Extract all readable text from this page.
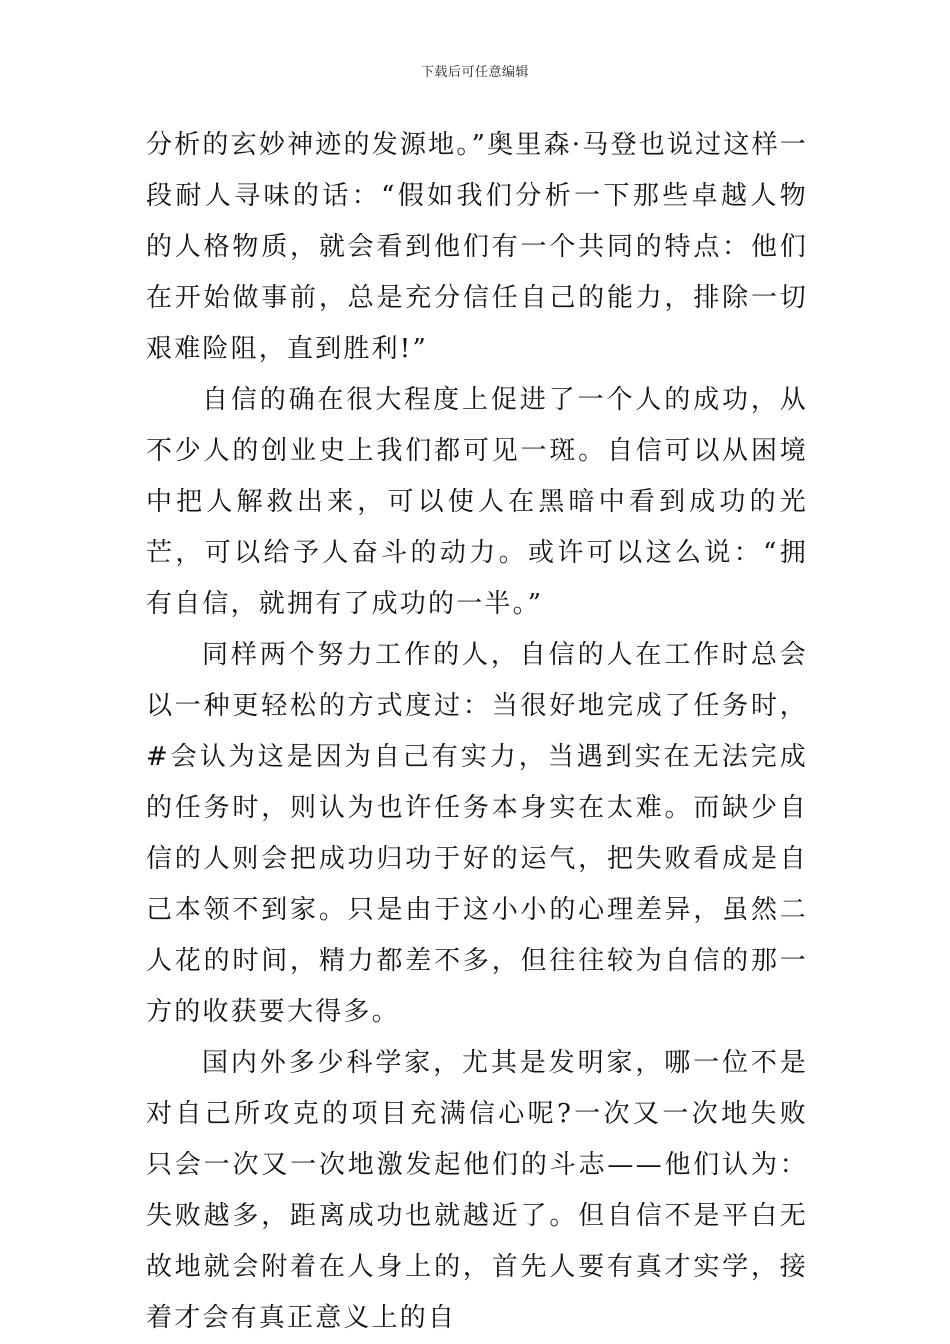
下载后可任意编辑

分析的玄妙神迹的发源地。”奥里森·马登也说过这样一段耐人寻味的话：“假如我们分析一下那些卓越人物的人格物质，就会看到他们有一个共同的特点：他们在开始做事前，总是充分信任自己的能力，排除一切艰难险阻，直到胜利!”

自信的确在很大程度上促进了一个人的成功，从不少人的创业史上我们都可见一斑。自信可以从困境中把人解救出来，可以使人在黑暗中看到成功的光芒，可以给予人奋斗的动力。或许可以这么说：“拥有自信，就拥有了成功的一半。”

同样两个努力工作的人，自信的人在工作时总会以一种更轻松的方式度过：当很好地完成了任务时，#会认为这是因为自己有实力，当遇到实在无法完成的任务时，则认为也许任务本身实在太难。而缺少自信的人则会把成功归功于好的运气，把失败看成是自己本领不到家。只是由于这小小的心理差异，虽然二人花的时间，精力都差不多，但往往较为自信的那一方的收获要大得多。

国内外多少科学家，尤其是发明家，哪一位不是对自己所攻克的项目充满信心呢?一次又一次地失败只会一次又一次地激发起他们的斗志——他们认为：失败越多，距离成功也就越近了。但自信不是平白无故地就会附着在人身上的，首先人要有真才实学，接着才会有真正意义上的自
